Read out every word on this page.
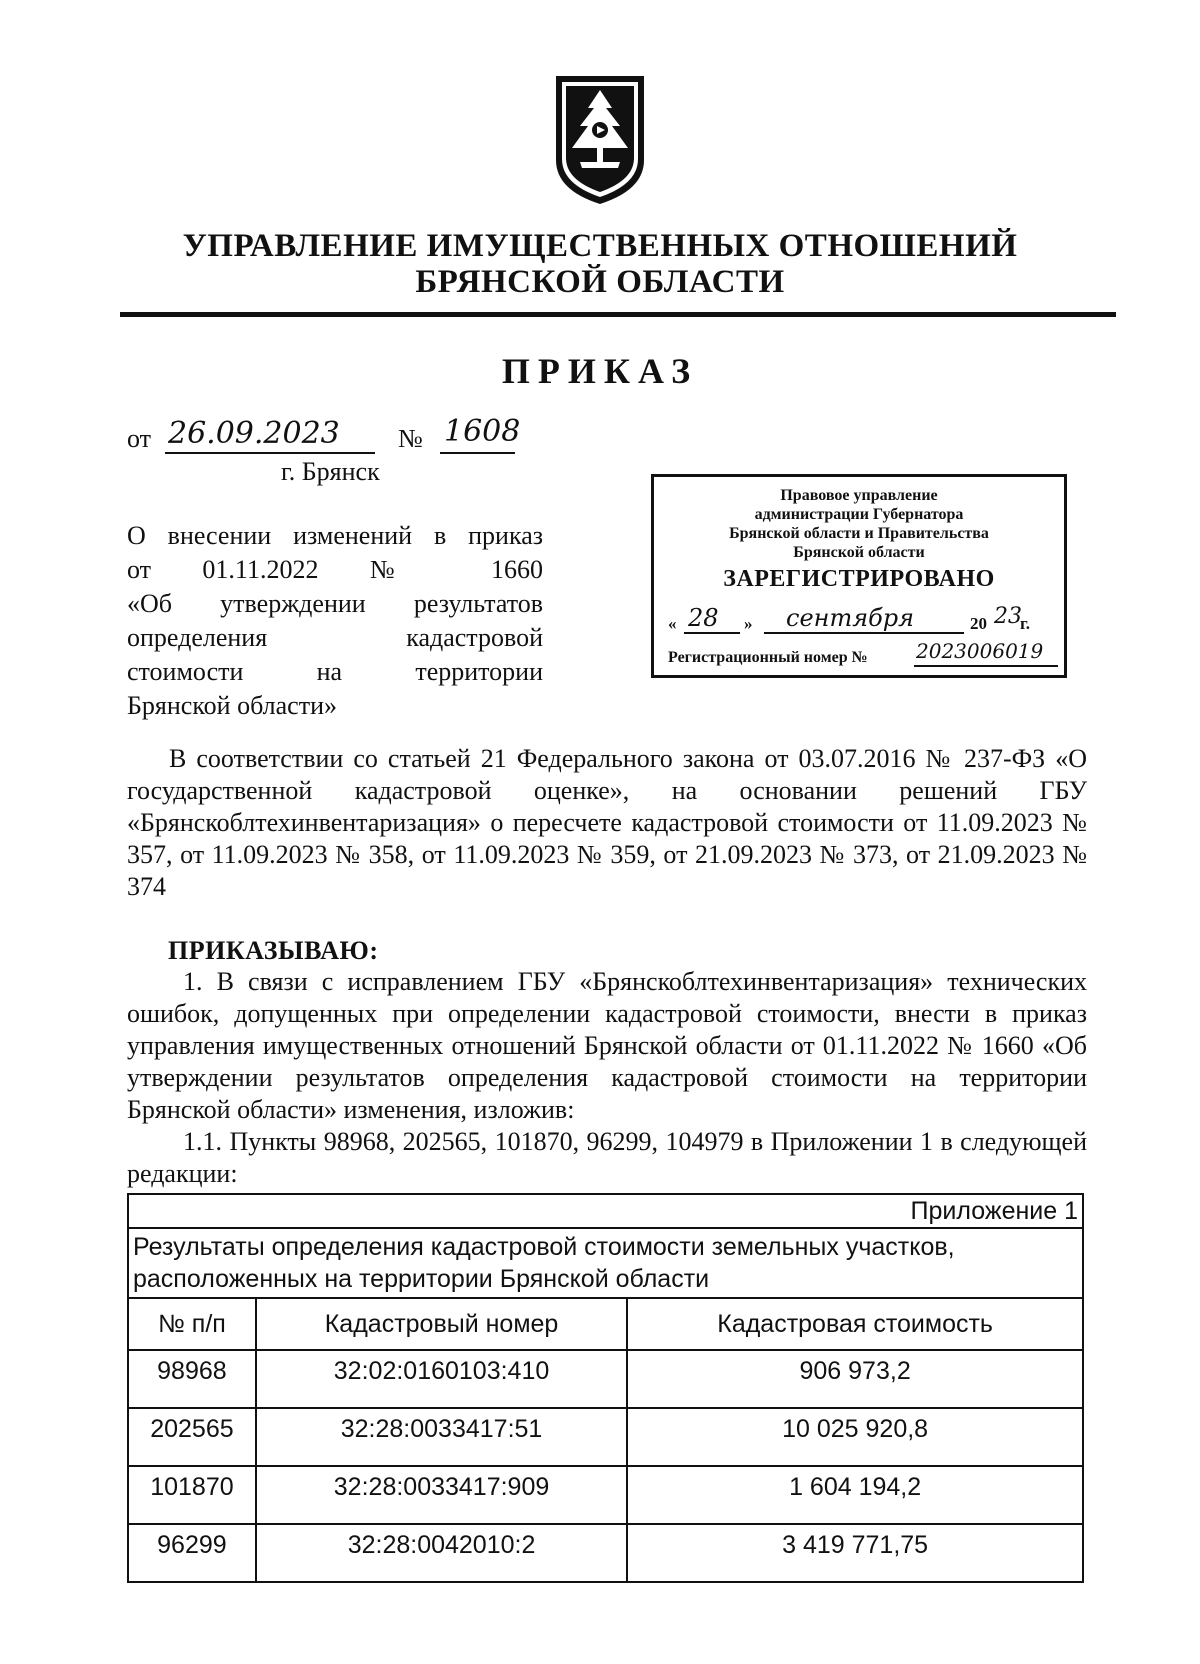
УПРАВЛЕНИЕ ИМУЩЕСТВЕННЫХ ОТНОШЕНИЙ
БРЯНСКОЙ ОБЛАСТИ
ПРИКАЗ
от 26.09.2023 № 1608
г. Брянск
О внесении изменений в приказ
от 01.11.2022 № 1660
«Об утверждении результатов
определения кадастровой
стоимости на территории
Брянской области»
Правовое управление
администрации Губернатора
Брянской области и Правительства
Брянской области
ЗАРЕГИСТРИРОВАНО
« 28 » сентября	20 23
г.
Регистрационный номер № 2023006019
В соответствии со статьей 21 Федерального закона от 03.07.2016 № 237-ФЗ «О государственной кадастровой оценке», на основании решений ГБУ «Брянскоблтехинвентаризация» о пересчете кадастровой стоимости от 11.09.2023 № 357, от 11.09.2023 № 358, от 11.09.2023 № 359, от 21.09.2023 № 373, от 21.09.2023 № 374
ПРИКАЗЫВАЮ:
1. В связи с исправлением ГБУ «Брянскоблтехинвентаризация» технических ошибок, допущенных при определении кадастровой стоимости, внести в приказ управления имущественных отношений Брянской области от 01.11.2022 № 1660 «Об утверждении результатов определения кадастровой стоимости на территории Брянской области» изменения, изложив:
1.1. Пункты 98968, 202565, 101870, 96299, 104979 в Приложении 1 в следующей редакции:
Приложение 1		
Результаты определения кадастровой стоимости земельных участков, расположенных на территории Брянской области		
№ п/п	Кадастровый номер	Кадастровая стоимость
98968	32:02:0160103:410	906 973,2
202565	32:28:0033417:51	10 025 920,8
101870	32:28:0033417:909	1 604 194,2
96299	32:28:0042010:2	3 419 771,75
